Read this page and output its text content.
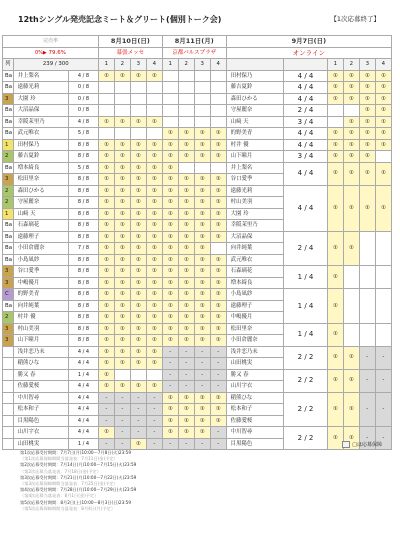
12thシングル発売記念ミート＆グリート(個別トーク会)	【1次応募終了】
完売率			8月10日(日)				8月11日(月)				9月7日(日)					
0%▶ 79.6%			幕張メッセ				京都パルスプラザ				オンライン					
列	239 / 300		1	2	3	4	1	2	3	4			1	2	3	4
Ba	井上梨名	4 / 8	①	①	①	①					田村保乃	4 / 4	①	①	①	①
Ba	遠藤光莉	0 / 8									藤吉夏鈴	4 / 4	①	①	①	①
3	大園 玲	0 / 8									森田ひかる	4 / 4	①	①	①	①
Ba	大沼晶保	0 / 8									守屋麗奈	2 / 4			①	①
Ba	幸阪茉里乃	4 / 8	①	①	①	①					山﨑 天	3 / 4		①	①	①
Ba	武元唯衣	5 / 8					①	①	①	①	的野美青	4 / 4	①	①	①	①
1	田村保乃	8 / 8	①	①	①	①	①	①	①	①	村井 優	4 / 4	①	①	①	①
2	藤吉夏鈴	8 / 8	①	①	①	①	①	①	①	①	山下瞳月	3 / 4	①	①	①	
Ba	増本綺良	5 / 8	①	①	①	①	①				井上梨名	4 / 4	①	①	①	①
3	松田里奈	8 / 8	①	①	①	①	①	①	①	①	谷口愛季					
2	森田ひかる	8 / 8	①	①	①	①	①	①	①	①	遠藤光莉	4 / 4	①	①	①	①
2	守屋麗奈	8 / 8	①	①	①	①	①	①	①	①	村山美羽					
1	山﨑 天	8 / 8	①	①	①	①	①	①	①	①	大園 玲					
Ba	石森璃花	8 / 8	①	①	①	①	①	①	①	①	幸阪茉里乃					
Ba	遠藤理子	8 / 8	①	①	①	①	①	①	①	①	大沼晶保	2 / 4	①	①		
Ba	小田倉麗奈	7 / 8	①	①	①	①	①	①	①		向井純葉					
Ba	小島凪紗	8 / 8	①	①	①	①	①	①	①	①	武元唯衣					
3	谷口愛季	8 / 8	①	①	①	①	①	①	①	①	石森璃花	1 / 4	①			
3	中嶋優月	8 / 8	①	①	①	①	①	①	①	①	増本綺良					
C	的野美青	8 / 8	①	①	①	①	①	①	①	①	小島凪紗	1 / 4	①			
Ba	向井純葉	8 / 8	①	①	①	①	①	①	①	①	遠藤理子					
2	村井 優	8 / 8	①	①	①	①	①	①	①	①	中嶋優月					
3	村山美羽	8 / 8	①	①	①	①	①	①	①	①	松田里奈	1 / 4	①			
3	山下瞳月	8 / 8	①	①	①	①	①	①	①	①	小田倉麗奈					
	浅井恋乃未	4 / 4	①	①	①	①	-	-	-	-	浅井恋乃未	2 / 2	①	①	-	-
	稲熊ひな	4 / 4	①	①	①	①	-	-	-	-	山田桃実					
	勝又 春	1 / 4	①				-	-	-	-	勝又 春	2 / 2	①	①	-	-
	佐藤愛桜	4 / 4	①	①	①	①	-	-	-	-	山川宇衣					
	中川智尋	4 / 4	-	-	-	-	①	①	①	①	稲熊ひな	2 / 2	①	①	-	-
	松本和子	4 / 4	-	-	-	-	①	①	①	①	松本和子					
	目黒陽色	4 / 4	-	-	-	-	①	①	①	①	佐藤愛桜					
	山川宇衣	4 / 4	①	-	-	-	①	①	①	-	中川智尋	2 / 2	①	①	-	-
	山田桃実	1 / 4	-	-	①	-	-	-	-	-	目黒陽色						□は応募保障
第1次応募受付期間：7月7日(月)10:00〜7月8日(火)23:59
（第1次応募保障期間当落発表：7月11日(金)予定）
第2次応募受付期間：7月14日(月)10:00〜7月15日(火)23:59
（第2次応募当落発表：7月18日(金)予定）
第3次応募受付期間：7月21日(月)10:00〜7月22日(火)23:59
（第3次応募保障期間当落発表：7月25日(金)予定）
第4次応募受付期間：7月28日(月)10:00〜7月29日(火)23:59
（第4次応募当落発表：8月1日(金)予定）
第5次応募受付期間：8月2日(土)10:00〜8月3日(日)23:59
（第5次応募保障期間当落発表：8月4日(月)予定）
